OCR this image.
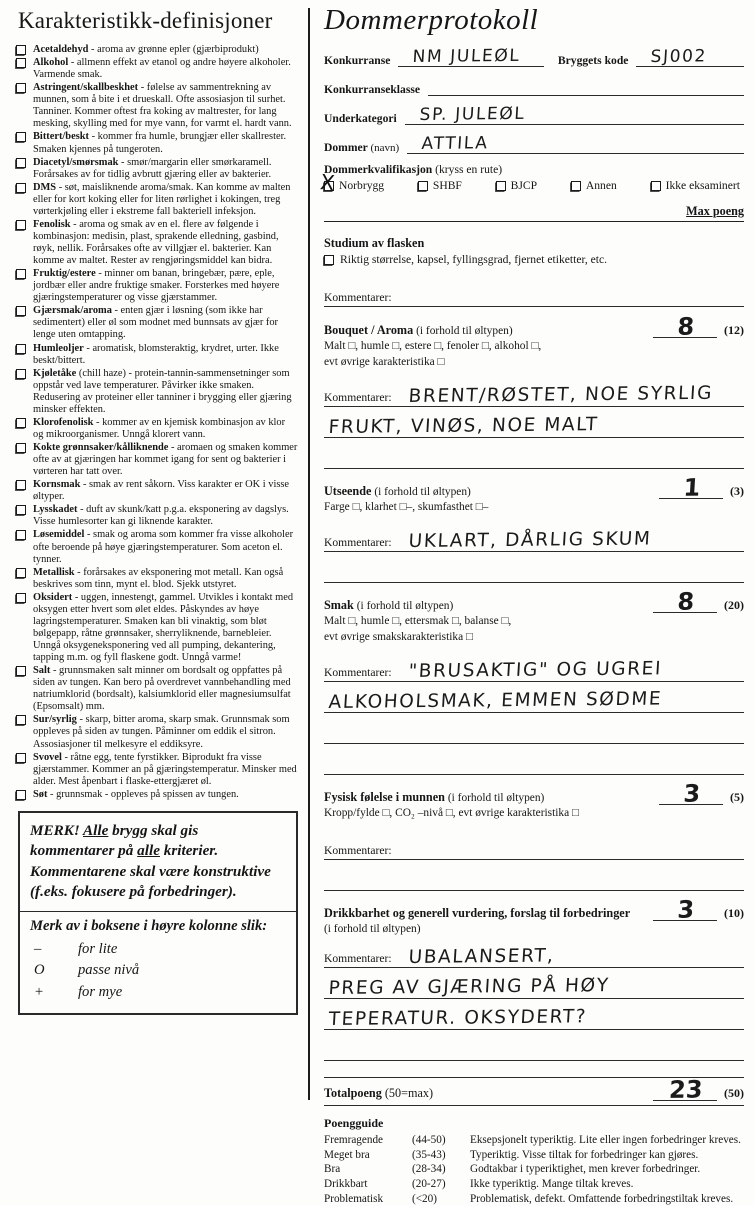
Karakteristikk-definisjoner
Acetaldehyd - aroma av grønne epler (gjærbiprodukt)
Alkohol - allmenn effekt av etanol og andre høyere alkoholer. Varmende smak.
Astringent/skallbeskhet - følelse av sammentrekning av munnen, som å bite i et drueskall. Ofte assosiasjon til surhet. Tanniner. Kommer oftest fra koking av maltrester, for lang mesking, skylling med for mye vann, for varmt el. hardt vann.
Bittert/beskt - kommer fra humle, brungjær eller skallrester. Smaken kjennes på tungeroten.
Diacetyl/smørsmak - smør/margarin eller smørkaramell. Forårsakes av for tidlig avbrutt gjæring eller av bakterier.
DMS - søt, maisliknende aroma/smak. Kan komme av malten eller for kort koking eller for liten rørlighet i kokingen, treg vørterkjøling eller i ekstreme fall bakteriell infeksjon.
Fenolisk - aroma og smak av en el. flere av følgende i kombinasjon: medisin, plast, sprakende elledning, gasbind, røyk, nellik. Forårsakes ofte av villgjær el. bakterier. Kan komme av maltet. Rester av rengjøringsmiddel kan bidra.
Fruktig/estere - minner om banan, bringebær, pære, eple, jordbær eller andre fruktige smaker. Forsterkes med høyere gjæringstemperaturer og visse gjærstammer.
Gjærsmak/aroma - enten gjær i løsning (som ikke har sedimentert) eller øl som modnet med bunnsats av gjær for lenge uten omtapping.
Humleoljer - aromatisk, blomsteraktig, krydret, urter. Ikke beskt/bittert.
Kjøletåke (chill haze) - protein-tannin-sammensetninger som oppstår ved lave temperaturer. Påvirker ikke smaken. Redusering av proteiner eller tanniner i brygging eller gjæring minsker effekten.
Klorofenolisk - kommer av en kjemisk kombinasjon av klor og mikroorganismer. Unngå klorert vann.
Kokte grønnsaker/kålliknende - aromaen og smaken kommer ofte av at gjæringen har kommet igang for sent og bakterier i vørteren har tatt over.
Kornsmak - smak av rent såkorn. Viss karakter er OK i visse øltyper.
Lysskadet - duft av skunk/katt p.g.a. eksponering av dagslys. Visse humlesorter kan gi liknende karakter.
Løsemiddel - smak og aroma som kommer fra visse alkoholer ofte beroende på høye gjæringstemperaturer. Som aceton el. tynner.
Metallisk - forårsakes av eksponering mot metall. Kan også beskrives som tinn, mynt el. blod. Sjekk utstyret.
Oksidert - uggen, innestengt, gammel. Utvikles i kontakt med oksygen etter hvert som ølet eldes. Påskyndes av høye lagringstemperaturer. Smaken kan bli vinaktig, som bløt bølgepapp, råtne grønnsaker, sherryliknende, barnebleier. Unngå oksygeneksponering ved all pumping, dekantering, tapping m.m. og fyll flaskene godt. Unngå varme!
Salt - grunnsmaken salt minner om bordsalt og oppfattes på siden av tungen. Kan bero på overdrevet vannbehandling med natriumklorid (bordsalt), kalsiumklorid eller magnesiumsulfat (Epsomsalt) mm.
Sur/syrlig - skarp, bitter aroma, skarp smak. Grunnsmak som oppleves på siden av tungen. Påminner om eddik el sitron. Assosiasjoner til melkesyre el eddiksyre.
Svovel - råtne egg, tente fyrstikker. Biprodukt fra visse gjærstammer. Kommer an på gjæringstemperatur. Minsker med alder. Mest åpenbart i flaske-ettergjæret øl.
Søt - grunnsmak - oppleves på spissen av tungen.
MERK! Alle brygg skal gis kommentarer på alle kriterier. Kommentarene skal være konstruktive (f.eks. fokusere på forbedringer).
Merk av i boksene i høyre kolonne slik:
–	for lite
O	passe nivå
+	for mye
Dommerprotokoll
Konkurranse	NM JULEØL	Bryggets kode	SJ002
Konkurranseklasse
Underkategori	SP. JULEØL
Dommer (navn)	ATTILA
Dommerkvalifikasjon (kryss en rute)
X Norbrygg	SHBF	BJCP	Annen	Ikke eksaminert
Max poeng
Studium av flasken
Riktig størrelse, kapsel, fyllingsgrad, fjernet etiketter, etc.
Kommentarer:
Bouquet / Aroma (i forhold til øltypen)	8	(12)
Malt □, humle □, estere □, fenoler □, alkohol □,
evt øvrige karakteristika □
Kommentarer: BRENT/RØSTET, NOE SYRLIG
FRUKT, VINØS, NOE MALT
Utseende (i forhold til øltypen)	1	(3)
Farge □, klarhet □–, skumfasthet □–
Kommentarer: UKLART, DÅRLIG SKUM
Smak (i forhold til øltypen)	8	(20)
Malt □, humle □, ettersmak □, balanse □,
evt øvrige smakskarakteristika □
Kommentarer: "BRUSAKTIG" OG UGREI
ALKOHOLSMAK, EMMEN SØDME
Fysisk følelse i munnen (i forhold til øltypen)	3	(5)
Kropp/fylde □, CO₂ –nivå □, evt øvrige karakteristika □
Kommentarer:
Drikkbarhet og generell vurdering, forslag til forbedringer	3	(10)
(i forhold til øltypen)
Kommentarer: UBALANSERT,
PREG AV GJÆRING PÅ HØY
TEPERATUR. OKSYDERT?
Totalpoeng (50=max)	23	(50)
Poengguide
Fremragende	(44-50)	Eksepsjonelt typeriktig. Lite eller ingen forbedringer kreves.
Meget bra	(35-43)	Typeriktig. Visse tiltak for forbedringer kan gjøres.
Bra	(28-34)	Godtakbar i typeriktighet, men krever forbedringer.
Drikkbart	(20-27)	Ikke typeriktig. Mange tiltak kreves.
Problematisk	(<20)	Problematisk, defekt. Omfattende forbedringstiltak kreves.
